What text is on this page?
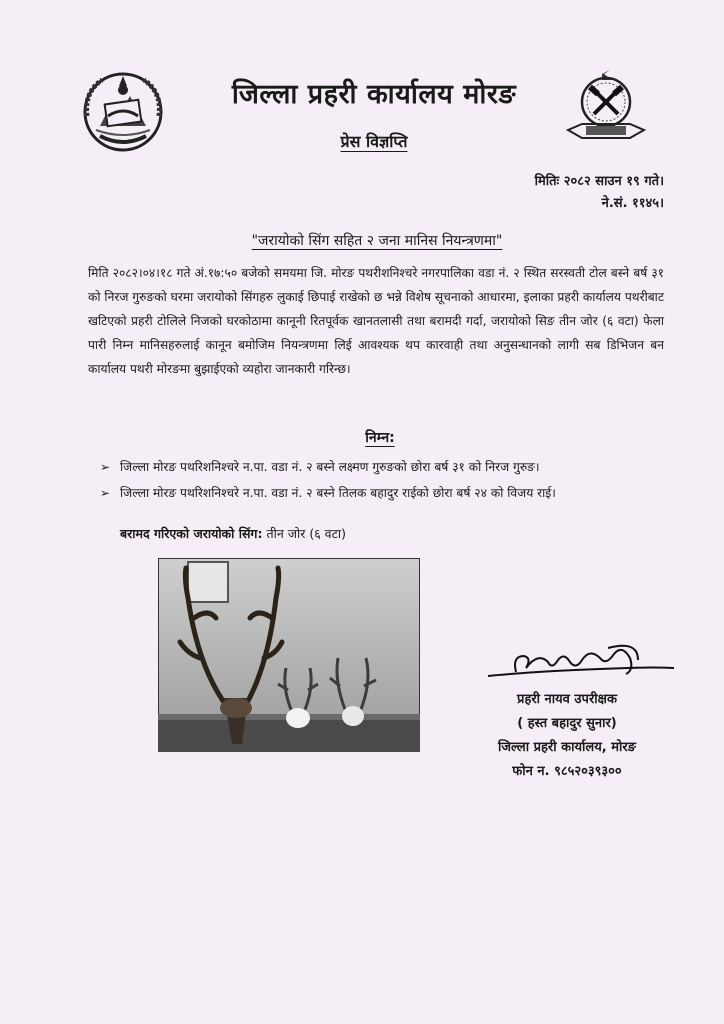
जिल्ला प्रहरी कार्यालय मोरङ
प्रेस विज्ञप्ति
मितिः २०८२ साउन १९ गते।
ने.सं. ११४५।
"जरायोको सिंग सहित २ जना मानिस नियन्त्रणमा"
मिति २०८२।०४।१८ गते अं.१७:५० बजेको समयमा जि. मोरङ पथरीशनिश्चरे नगरपालिका वडा नं. २ स्थित सरस्वती टोल बस्ने बर्ष ३१ को निरज गुरुङको घरमा जरायोको सिंगहरु लुकाई छिपाई राखेको छ भन्ने विशेष सूचनाको आधारमा, इलाका प्रहरी कार्यालय पथरीबाट खटिएको प्रहरी टोलिले निजको घरकोठामा कानूनी रितपूर्वक खानतलासी तथा बरामदी गर्दा, जरायोको सिङ तीन जोर (६ वटा) फेला पारी निम्न मानिसहरुलाई कानून बमोजिम नियन्त्रणमा लिई आवश्यक थप कारवाही तथा अनुसन्धानको लागी सब डिभिजन बन कार्यालय पथरी मोरङमा बुझाईएको व्यहोरा जानकारी गरिन्छ।
निम्न:
➢ जिल्ला मोरङ पथरिशनिश्चरे न.पा. वडा नं. २ बस्ने लक्ष्मण गुरुङको छोरा बर्ष ३१ को निरज गुरुङ।
➢ जिल्ला मोरङ पथरिशनिश्चरे न.पा. वडा नं. २ बस्ने तिलक बहादुर राईको छोरा बर्ष २४ को विजय राई।
बरामद गरिएको जरायोको सिंग: तीन जोर (६ वटा)
प्रहरी नायव उपरीक्षक
( हस्त बहादुर सुनार)
जिल्ला प्रहरी कार्यालय, मोरङ
फोन न. ९८५२०३९३००
